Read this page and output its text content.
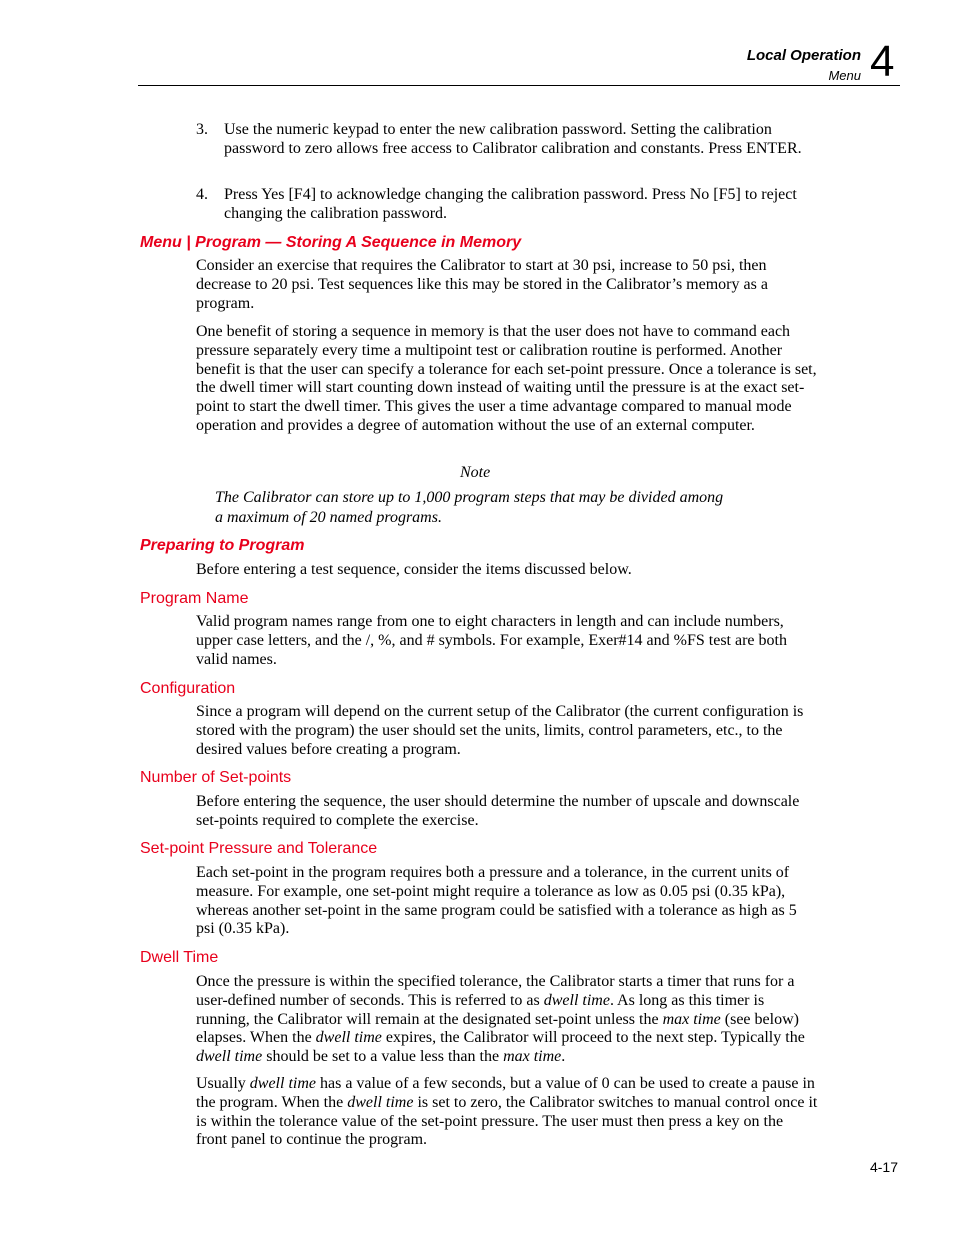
Local Operation
Menu 4
3. Use the numeric keypad to enter the new calibration password. Setting the calibration password to zero allows free access to Calibrator calibration and constants. Press ENTER.
4. Press Yes [F4] to acknowledge changing the calibration password. Press No [F5] to reject changing the calibration password.
Menu | Program — Storing A Sequence in Memory

Consider an exercise that requires the Calibrator to start at 30 psi, increase to 50 psi, then decrease to 20 psi. Test sequences like this may be stored in the Calibrator’s memory as a program.

One benefit of storing a sequence in memory is that the user does not have to command each pressure separately every time a multipoint test or calibration routine is performed. Another benefit is that the user can specify a tolerance for each set-point pressure. Once a tolerance is set, the dwell timer will start counting down instead of waiting until the pressure is at the exact set-point to start the dwell timer. This gives the user a time advantage compared to manual mode operation and provides a degree of automation without the use of an external computer.

Note
The Calibrator can store up to 1,000 program steps that may be divided among a maximum of 20 named programs.
Preparing to Program

Before entering a test sequence, consider the items discussed below.

Program Name

Valid program names range from one to eight characters in length and can include numbers, upper case letters, and the /, %, and # symbols. For example, Exer#14 and %FS test are both valid names.

Configuration

Since a program will depend on the current setup of the Calibrator (the current configuration is stored with the program) the user should set the units, limits, control parameters, etc., to the desired values before creating a program.

Number of Set-points

Before entering the sequence, the user should determine the number of upscale and downscale set-points required to complete the exercise.

Set-point Pressure and Tolerance

Each set-point in the program requires both a pressure and a tolerance, in the current units of measure. For example, one set-point might require a tolerance as low as 0.05 psi (0.35 kPa), whereas another set-point in the same program could be satisfied with a tolerance as high as 5 psi (0.35 kPa).

Dwell Time

Once the pressure is within the specified tolerance, the Calibrator starts a timer that runs for a user-defined number of seconds. This is referred to as dwell time. As long as this timer is running, the Calibrator will remain at the designated set-point unless the max time (see below) elapses. When the dwell time expires, the Calibrator will proceed to the next step. Typically the dwell time should be set to a value less than the max time.

Usually dwell time has a value of a few seconds, but a value of 0 can be used to create a pause in the program. When the dwell time is set to zero, the Calibrator switches to manual control once it is within the tolerance value of the set-point pressure. The user must then press a key on the front panel to continue the program.

4-17
